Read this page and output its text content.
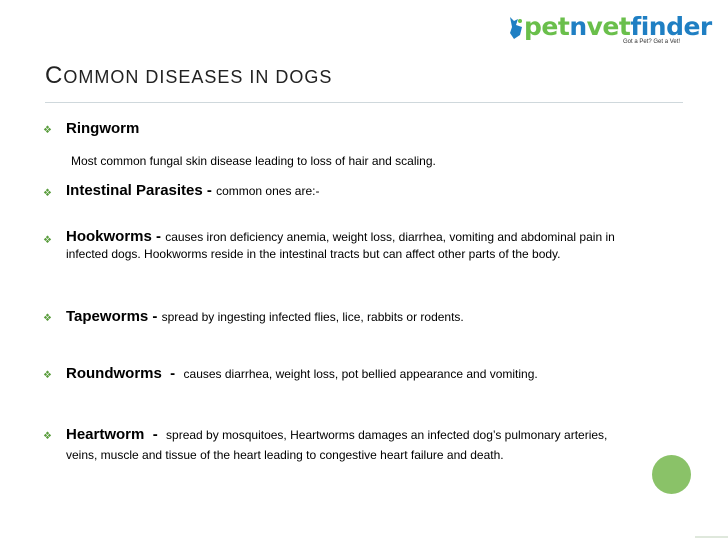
petnvetfinder
Got a Pet? Get a Vet!
COMMON DISEASES IN DOGS
❖ Ringworm
Most common fungal skin disease leading to loss of hair and scaling.
❖ Intestinal Parasites - common ones are:-
❖ Hookworms - causes iron deficiency anemia, weight loss, diarrhea, vomiting and abdominal pain in infected dogs. Hookworms reside in the intestinal tracts but can affect other parts of the body.
❖ Tapeworms - spread by ingesting infected flies, lice, rabbits or rodents.
❖ Roundworms  -  causes diarrhea, weight loss, pot bellied appearance and vomiting.
❖ Heartworm  -  spread by mosquitoes, Heartworms damages an infected dog’s pulmonary arteries, veins, muscle and tissue of the heart leading to congestive heart failure and death.
